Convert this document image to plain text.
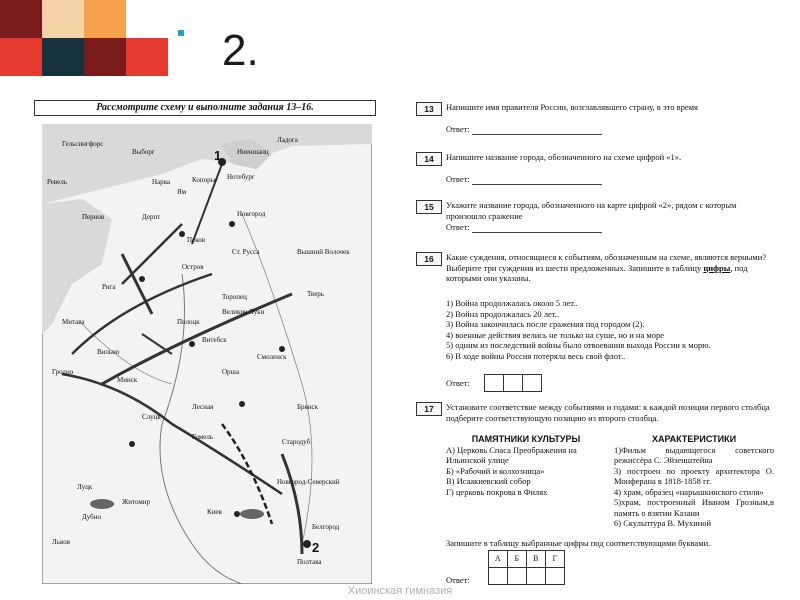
2.
Рассмотрите схему и выполните задания 13–16.
Гельсингфорс
Выборг
Ревель	Нарва
Ям
Копорье Нотебург
Ниеншанц
Пернов	Дерпт	Новгород
Псков
Ст. Русса
Остров
Рига
Митава
Торопец
Великие Луки
Полоцк
Витебск
Смоленск
Вильно
Гродно
Минск
Орша
Лесная
Слуцк
Гомель
Стародуб
Брянск
Луцк
Житомир
Киев
Полтава
Белгород
Тверь
Ладога
Новгород-Северский
Дубно
Львов
Вышний Волочек
1
2
13	Напишите имя правителя России, возглавлявшего страну, в это время
Ответ:
14	Напишите название города, обозначенного на схеме цифрой «1».
Ответ:
15	Укажите название города, обозначенного на карте цифрой «2», рядом с которым произошло сражение
Ответ:
16	Какие суждения, относящиеся к событиям, обозначенным на схеме, являются верными? Выберите три суждения из шести предложенных. Запишите в таблицу цифры, под которыми они указаны.
1) Война продолжалась около 5 лет..
2) Война продолжалась 20 лет..
3) Война закончилась после сражения под городом (2).
4) военные действия велись не только на суше, но и на море
5) одним из последствий войны было отвоевания выхода России к морю.
6) В ходе войны Россия потеряла весь свой флот..
Ответ:		
17	Установите соответствие между событиями и годами: к каждой позиции первого столбца подберите соответствующую позицию из второго столбца.
ПАМЯТНИКИ КУЛЬТУРЫ
А) Церковь Спаса Преображения на Ильинской улице
Б) «Рабочий и колхозница»
В) Исаакиевский собор
Г) церковь покрова в Филях
ХАРАКТЕРИСТИКИ
1)Фильм выдающегося советского режиссёра С. Эйзенштейна
3) построен по проекту архитектора О. Монферана в 1818-1858 гг.
4) храм, образец «нарышкинского стиля»
5)храм, построенный Иваном Грозным,в память о взятии Казани
6) Скульптура В. Мухиной
Запишите в таблицу выбранные цифры под соответствующими буквами.
Ответ: А	Б	В	Г

Хиоинская гимназия
